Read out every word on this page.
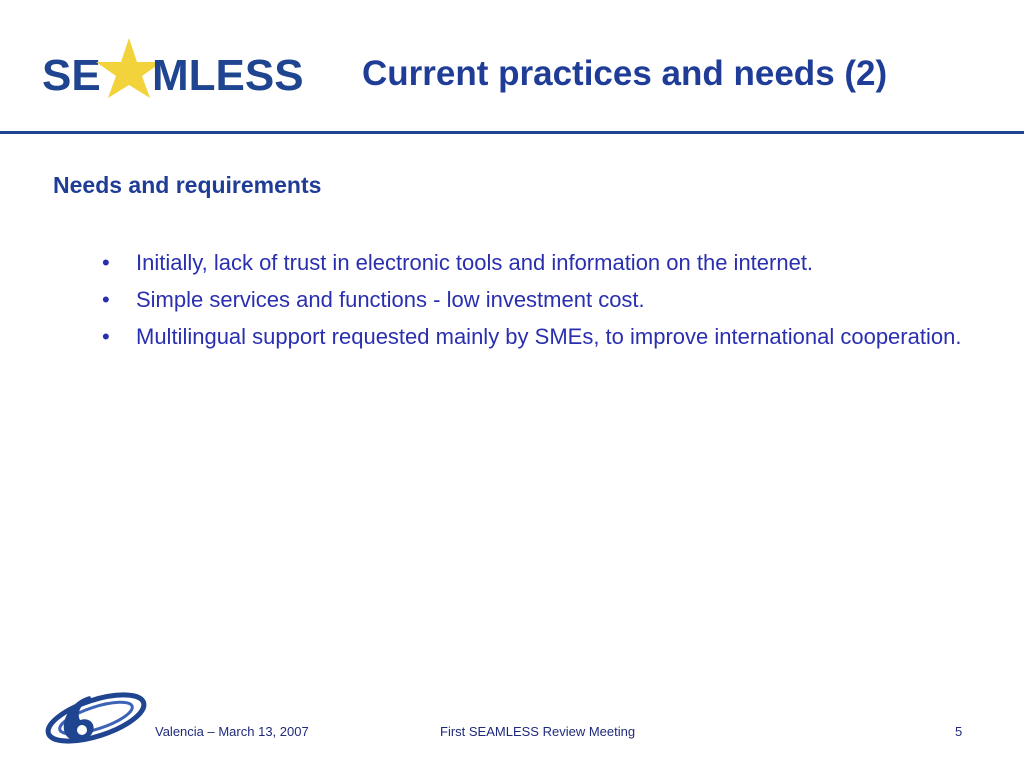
SE MLESS Current practices and needs (2)
Needs and requirements
• Initially, lack of trust in electronic tools and information on the internet.
• Simple services and functions - low investment cost.
• Multilingual support requested mainly by SMEs, to improve international cooperation.
Valencia – March 13, 2007	First SEAMLESS Review Meeting	5
